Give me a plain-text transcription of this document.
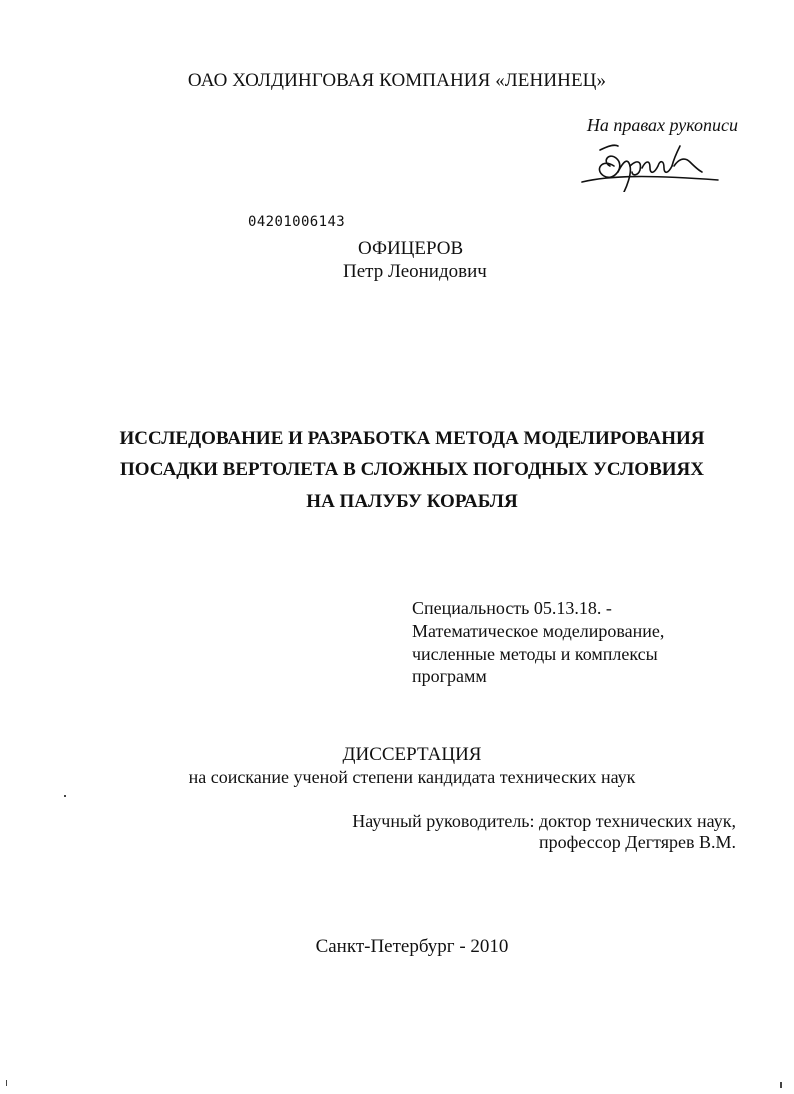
ОАО ХОЛДИНГОВАЯ КОМПАНИЯ «ЛЕНИНЕЦ»
На правах рукописи
04201006143
ОФИЦЕРОВ
Петр Леонидович
ИССЛЕДОВАНИЕ И РАЗРАБОТКА МЕТОДА МОДЕЛИРОВАНИЯ
ПОСАДКИ ВЕРТОЛЕТА В СЛОЖНЫХ ПОГОДНЫХ УСЛОВИЯХ
НА ПАЛУБУ КОРАБЛЯ
Специальность 05.13.18. -
Математическое моделирование,
численные методы и комплексы
программ
ДИССЕРТАЦИЯ
на соискание ученой степени кандидата технических наук
Научный руководитель: доктор технических наук,
профессор Дегтярев В.М.
Санкт-Петербург - 2010
